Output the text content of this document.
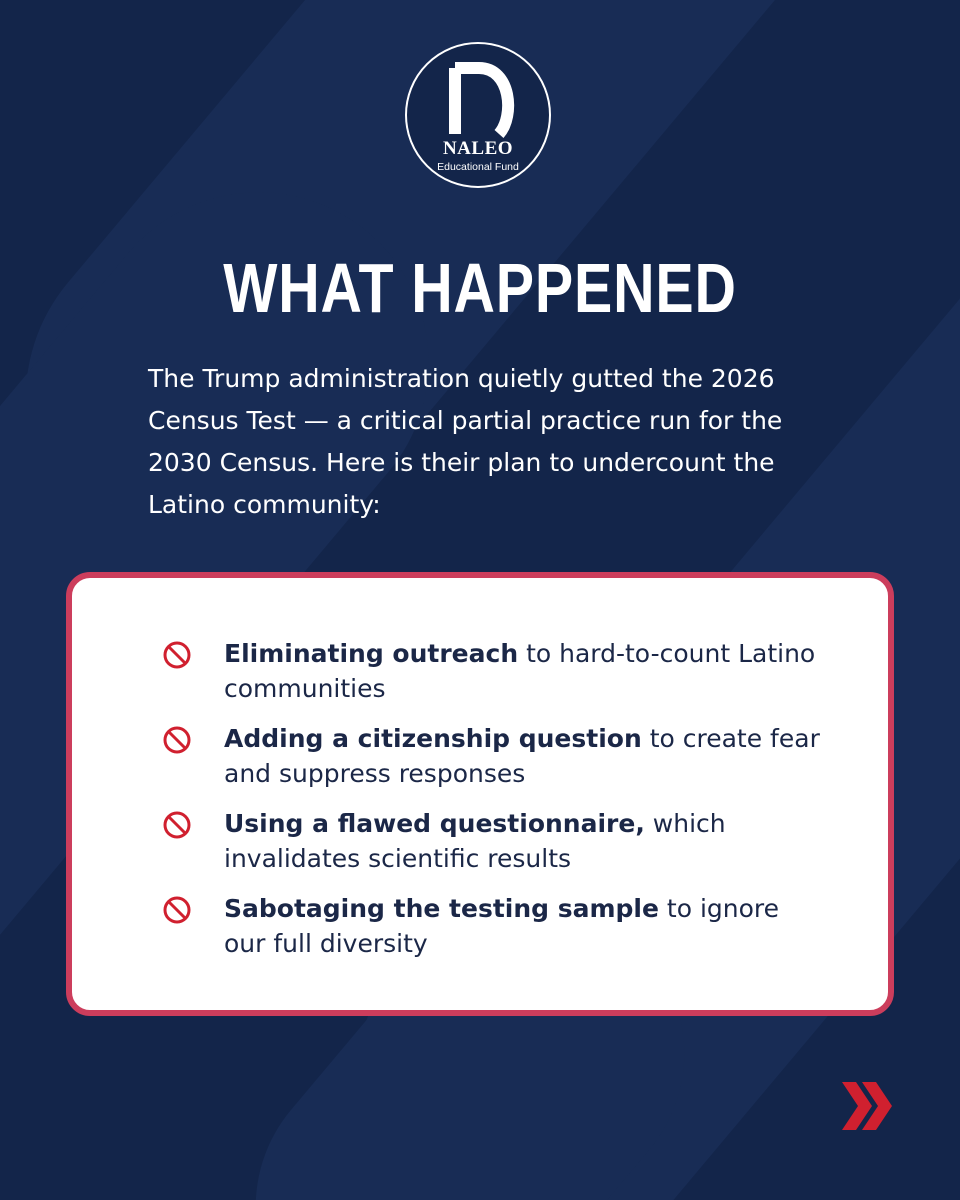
NALEO
Educational Fund
WHAT HAPPENED

The Trump administration quietly gutted the 2026 Census Test — a critical partial practice run for the 2030 Census. Here is their plan to undercount the Latino community:

Eliminating outreach to hard-to-count Latino communities

Adding a citizenship question to create fear and suppress responses

Using a flawed questionnaire, which invalidates scientific results

Sabotaging the testing sample to ignore our full diversity
